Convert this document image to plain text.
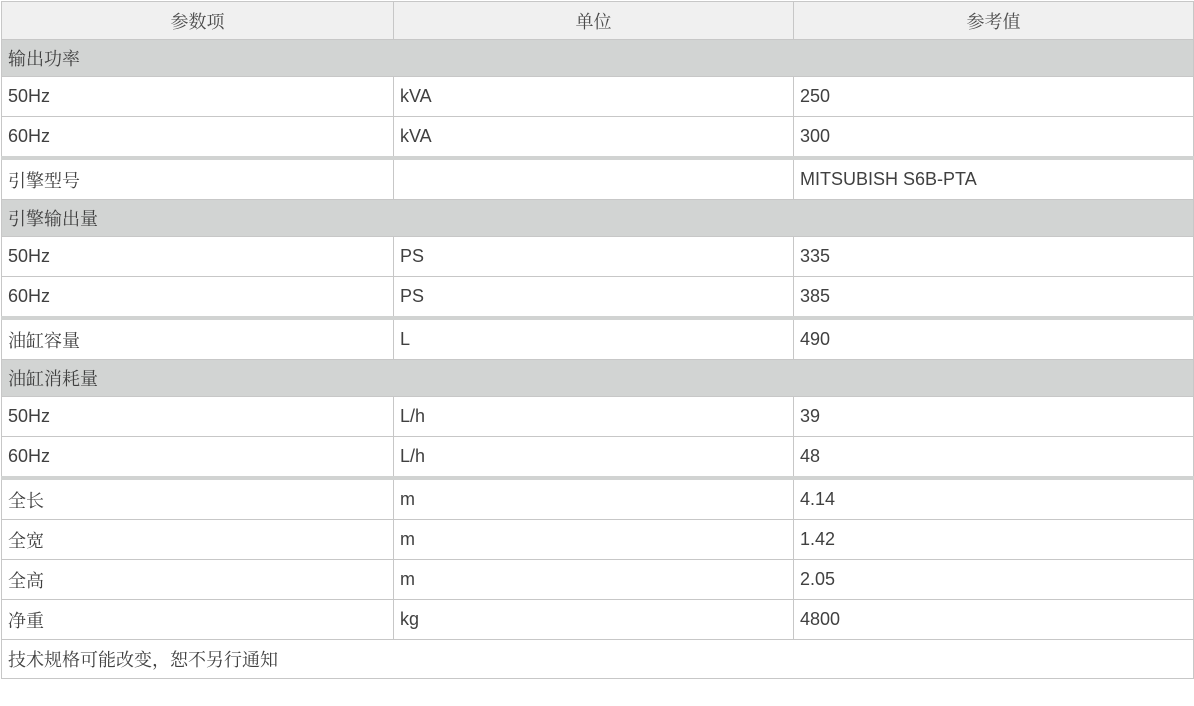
参数项	单位	参考值
输出功率		
50Hz	kVA	250
60Hz	kVA	300
引擎型号		MITSUBISH S6B-PTA
引擎输出量		
50Hz	PS	335
60Hz	PS	385
油缸容量	L	490
油缸消耗量		
50Hz	L/h	39
60Hz	L/h	48
全长	m	4.14
全宽	m	1.42
全高	m	2.05
净重	kg	4800
技术规格可能改变，恕不另行通知		
